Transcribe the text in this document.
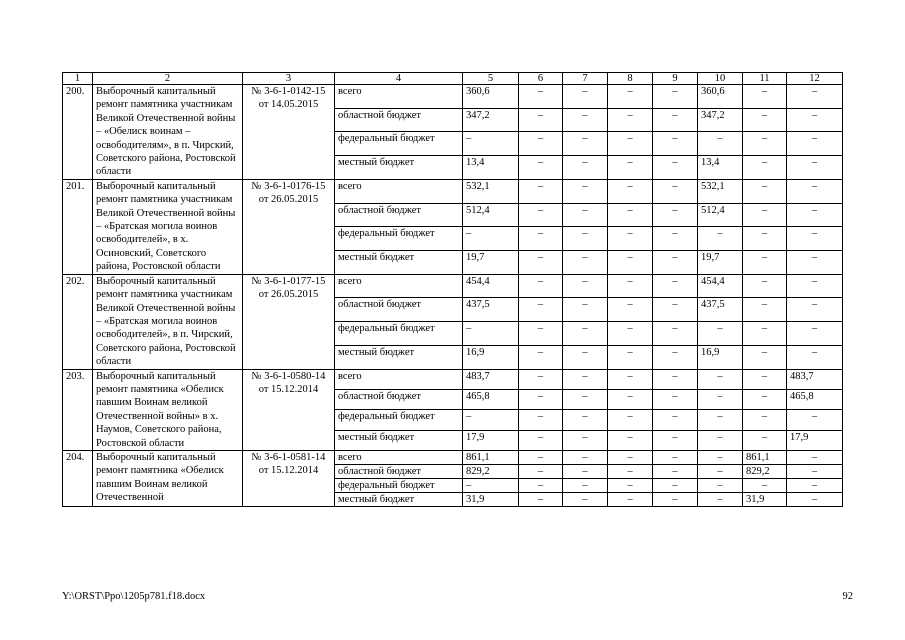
1	2	3	4	5	6	7	8	9	10	11	12
200.	Выборочный капитальный ремонт памятника участникам Великой Отечественной войны – «Обелиск воинам – освободителям», в п. Чирский, Советского района, Ростовской области	№ 3-6-1-0142-15
от 14.05.2015	всего	360,6	–	–	–	–	360,6	–	–
			областной бюджет	347,2	–	–	–	–	347,2	–	–
			федеральный бюджет	–	–	–	–	–	–	–	–
			местный бюджет	13,4	–	–	–	–	13,4	–	–
201.	Выборочный капитальный ремонт памятника участникам Великой Отечественной войны – «Братская могила воинов освободителей», в х. Осиновский, Советского района, Ростовской области	№ 3-6-1-0176-15
от 26.05.2015	всего	532,1	–	–	–	–	532,1	–	–
			областной бюджет	512,4	–	–	–	–	512,4	–	–
			федеральный бюджет	–	–	–	–	–	–	–	–
			местный бюджет	19,7	–	–	–	–	19,7	–	–
202.	Выборочный капитальный ремонт памятника участникам Великой Отечественной войны – «Братская могила воинов освободителей», в п. Чирский, Советского района, Ростовской области	№ 3-6-1-0177-15
от 26.05.2015	всего	454,4	–	–	–	–	454,4	–	–
			областной бюджет	437,5	–	–	–	–	437,5	–	–
			федеральный бюджет	–	–	–	–	–	–	–	–
			местный бюджет	16,9	–	–	–	–	16,9	–	–
203.	Выборочный капитальный ремонт памятника «Обелиск павшим Воинам великой Отечественной войны» в х. Наумов, Советского района, Ростовской области	№ 3-6-1-0580-14
от 15.12.2014	всего	483,7	–	–	–	–	–	–	483,7
			областной бюджет	465,8	–	–	–	–	–	–	465,8
			федеральный бюджет	–	–	–	–	–	–	–	–
			местный бюджет	17,9	–	–	–	–	–	–	17,9
204.	Выборочный капитальный ремонт памятника «Обелиск павшим Воинам великой Отечественной	№ 3-6-1-0581-14
от 15.12.2014	всего	861,1	–	–	–	–	–	861,1	–
			областной бюджет	829,2	–	–	–	–	–	829,2	–
			федеральный бюджет	–	–	–	–	–	–	–	–
			местный бюджет	31,9	–	–	–	–	–	31,9	–
Y:\ORST\Ppo\1205p781.f18.docx	92
